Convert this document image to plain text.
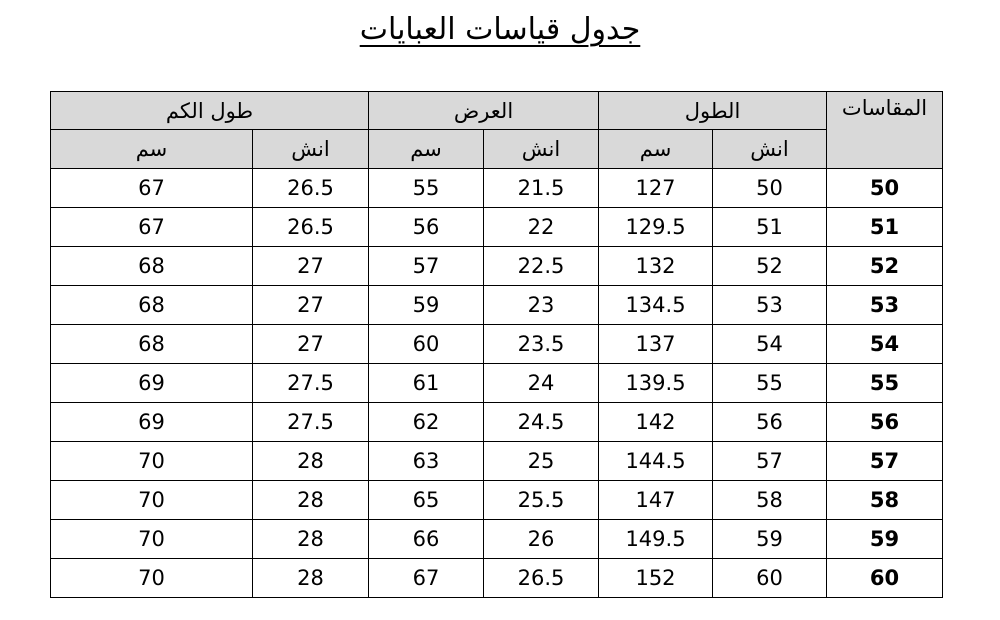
جدول قياسات العبايات
المقاسات	الطول		العرض		طول الكم	
	انش	سم	انش	سم	انش	سم
50	50	127	21.5	55	26.5	67
51	51	129.5	22	56	26.5	67
52	52	132	22.5	57	27	68
53	53	134.5	23	59	27	68
54	54	137	23.5	60	27	68
55	55	139.5	24	61	27.5	69
56	56	142	24.5	62	27.5	69
57	57	144.5	25	63	28	70
58	58	147	25.5	65	28	70
59	59	149.5	26	66	28	70
60	60	152	26.5	67	28	70
